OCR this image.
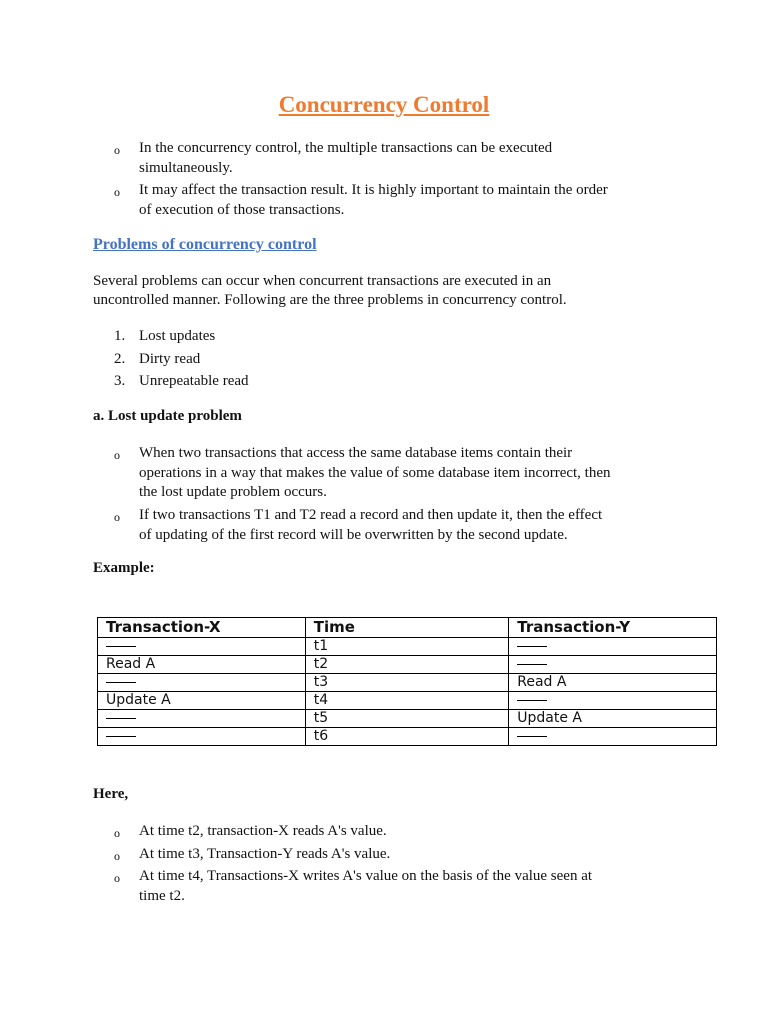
Concurrency Control
o In the concurrency control, the multiple transactions can be executed
simultaneously.
o It may affect the transaction result. It is highly important to maintain the order
of execution of those transactions.
Problems of concurrency control
Several problems can occur when concurrent transactions are executed in an
uncontrolled manner. Following are the three problems in concurrency control.
1. Lost updates
2. Dirty read
3. Unrepeatable read
a. Lost update problem
o When two transactions that access the same database items contain their
operations in a way that makes the value of some database item incorrect, then
the lost update problem occurs.
o If two transactions T1 and T2 read a record and then update it, then the effect
of updating of the first record will be overwritten by the second update.
Example:
Transaction-X	Time	Transaction-Y
	t1	
Read A	t2	
	t3	Read A
Update A	t4	
	t5	Update A
	t6	
Here,
o At time t2, transaction-X reads A's value.
o At time t3, Transaction-Y reads A's value.
o At time t4, Transactions-X writes A's value on the basis of the value seen at
time t2.
